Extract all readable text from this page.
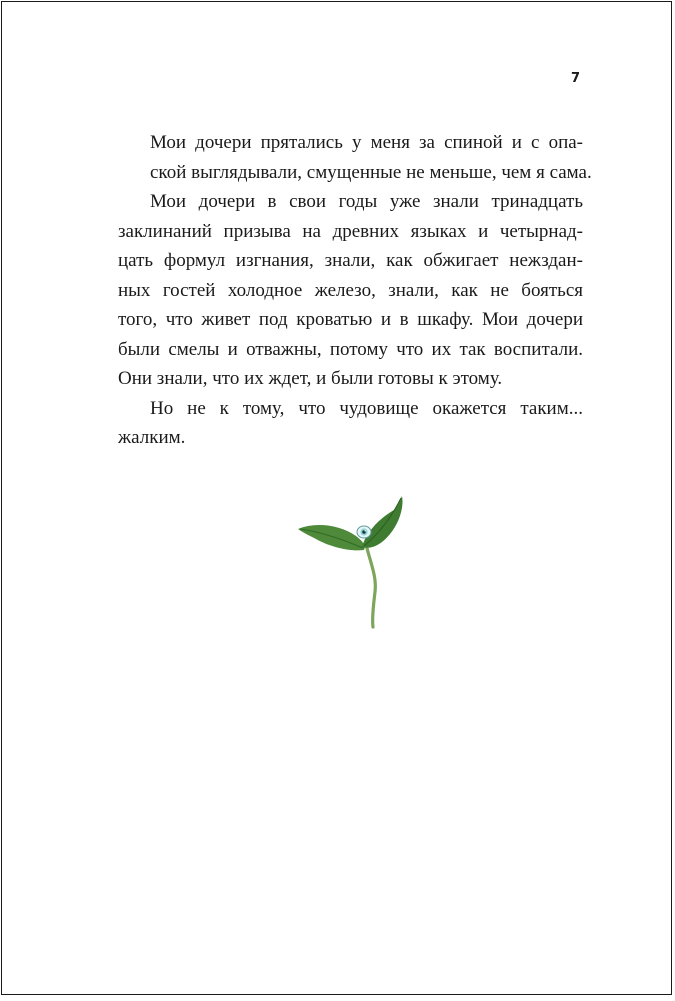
7

Мои дочери прятались у меня за спиной и с опа-
ской выглядывали, смущенные не меньше, чем я сама.

Мои дочери в свои годы уже знали тринадцать
заклинаний призыва на древних языках и четырнад-
цать формул изгнания, знали, как обжигает нежздан-
ных гостей холодное железо, знали, как не бояться
того, что живет под кроватью и в шкафу. Мои дочери
были смелы и отважны, потому что их так воспитали.
Они знали, что их ждет, и были готовы к этому.

Но не к тому, что чудовище окажется таким...
жалким.
